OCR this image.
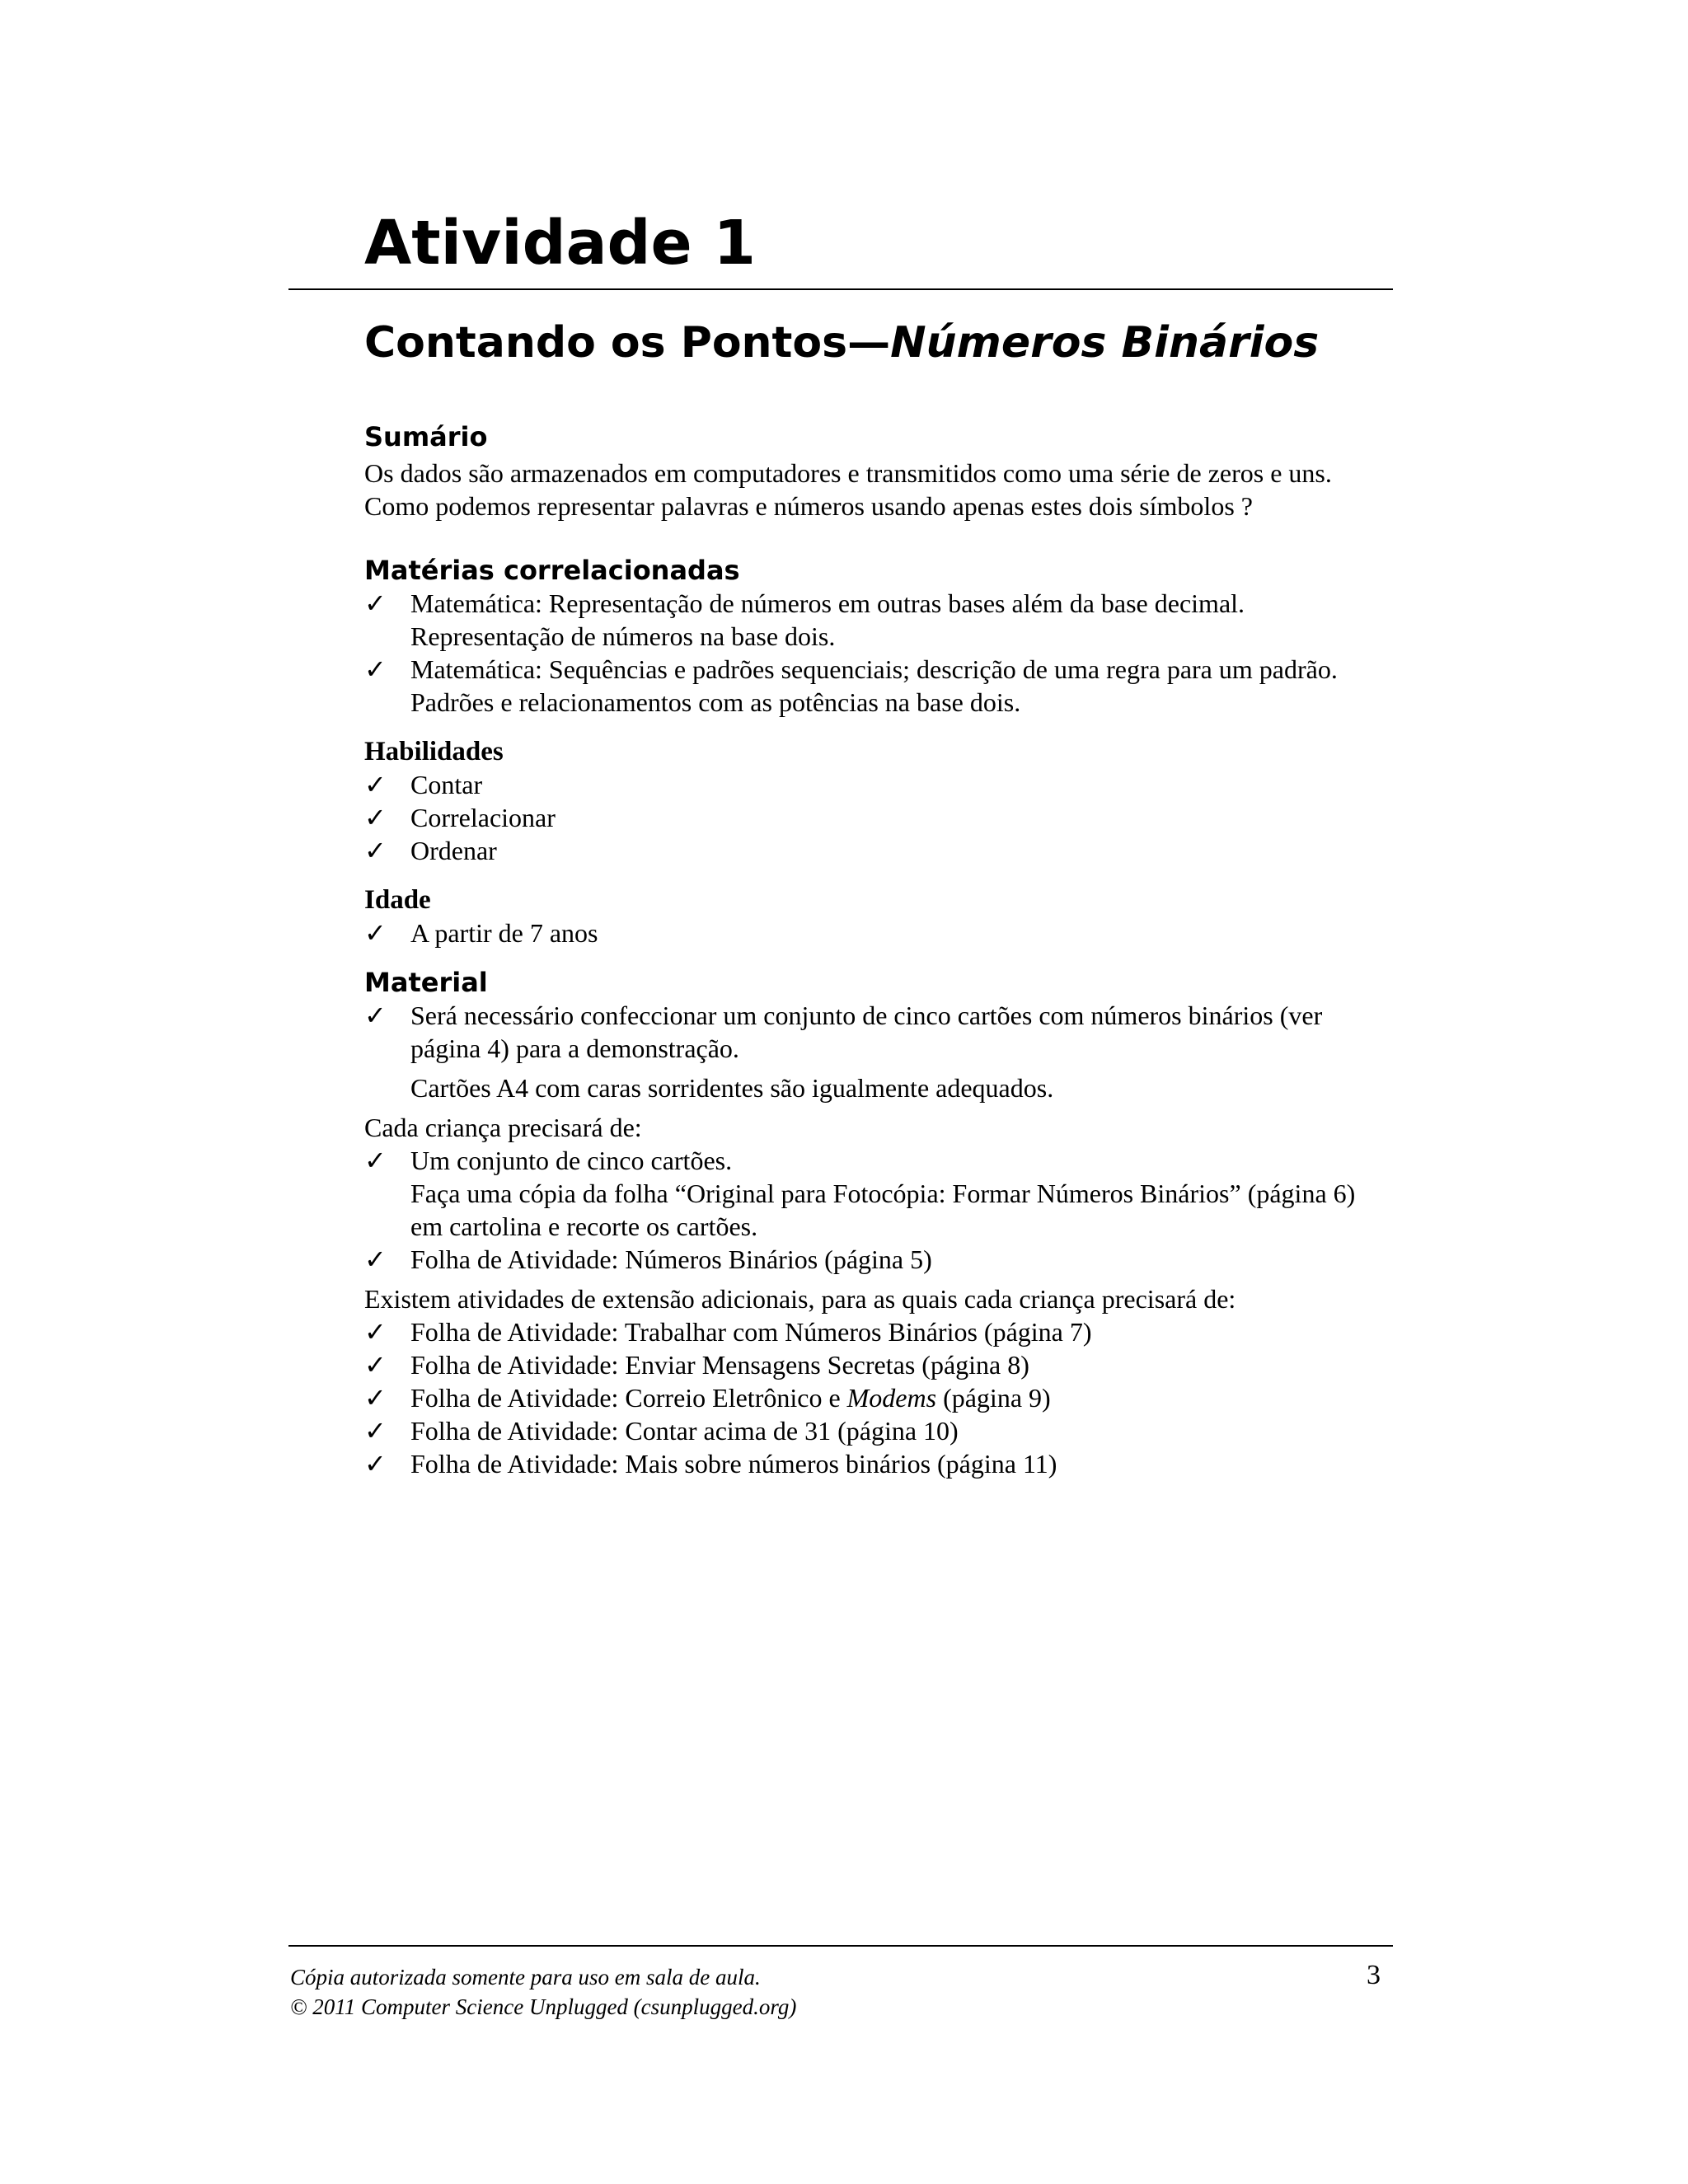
Atividade 1
Contando os Pontos—Números Binários
Sumário

Os dados são armazenados em computadores e transmitidos como uma série de zeros e uns. Como podemos representar palavras e números usando apenas estes dois símbolos ?

Matérias correlacionadas
✓ Matemática: Representação de números em outras bases além da base decimal. Representação de números na base dois.
✓ Matemática: Sequências e padrões sequenciais; descrição de uma regra para um padrão. Padrões e relacionamentos com as potências na base dois.
Habilidades
✓ Contar
✓ Correlacionar
✓ Ordenar
Idade
✓ A partir de 7 anos
Material
✓ Será necessário confeccionar um conjunto de cinco cartões com números binários (ver página 4) para a demonstração.

Cartões A4 com caras sorridentes são igualmente adequados.

Cada criança precisará de:

✓ Um conjunto de cinco cartões.

Faça uma cópia da folha “Original para Fotocópia: Formar Números Binários” (página 6) em cartolina e recorte os cartões.

✓ Folha de Atividade: Números Binários (página 5)

Existem atividades de extensão adicionais, para as quais cada criança precisará de:

✓ Folha de Atividade: Trabalhar com Números Binários (página 7)
✓ Folha de Atividade: Enviar Mensagens Secretas (página 8)
✓ Folha de Atividade: Correio Eletrônico e Modems (página 9)
✓ Folha de Atividade: Contar acima de 31 (página 10)
✓ Folha de Atividade: Mais sobre números binários (página 11)

Cópia autorizada somente para uso em sala de aula.

© 2011 Computer Science Unplugged (csunplugged.org)

3
